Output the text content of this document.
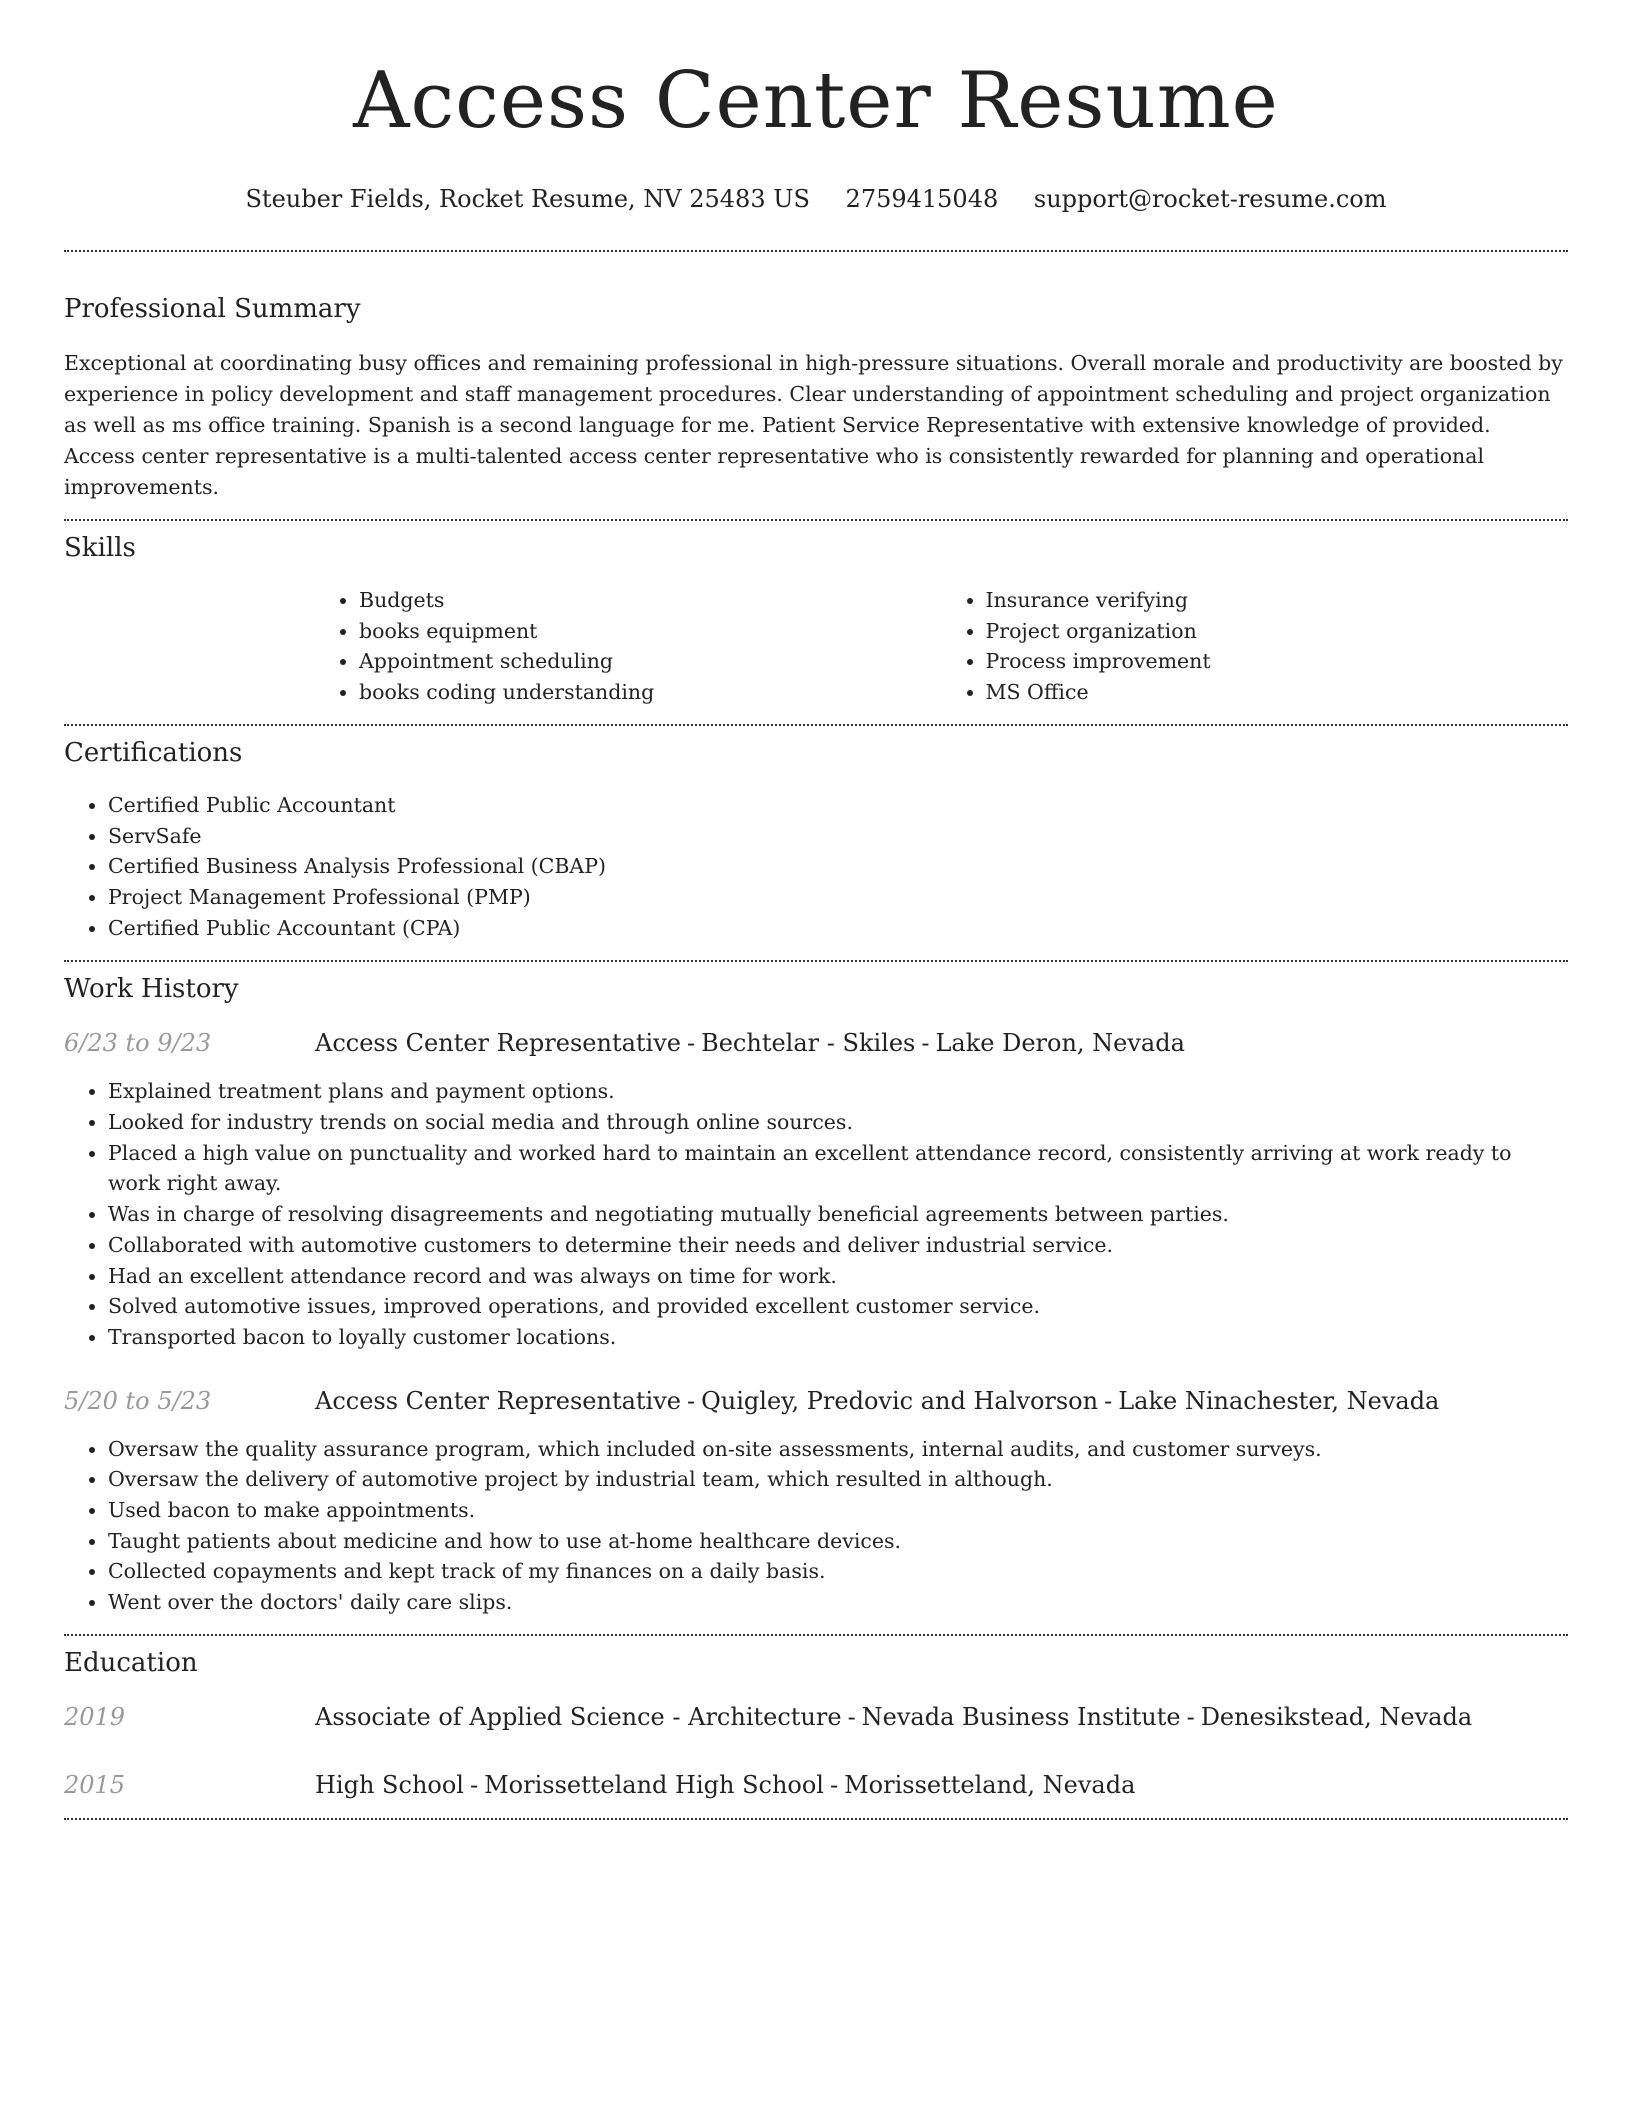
Access Center Resume
Steuber Fields, Rocket Resume, NV 25483 US 2759415048 support@rocket-resume.com
Professional Summary

Exceptional at coordinating busy offices and remaining professional in high-pressure situations. Overall morale and productivity are boosted by experience in policy development and staff management procedures. Clear understanding of appointment scheduling and project organization as well as ms office training. Spanish is a second language for me. Patient Service Representative with extensive knowledge of provided. Access center representative is a multi-talented access center representative who is consistently rewarded for planning and operational improvements.

Skills
• Budgets
• books equipment
• Appointment scheduling
• books coding understanding
• Insurance verifying
• Project organization
• Process improvement
• MS Office
Certifications
• Certified Public Accountant
• ServSafe
• Certified Business Analysis Professional (CBAP)
• Project Management Professional (PMP)
• Certified Public Accountant (CPA)
Work History
6/23 to 9/23	Access Center Representative - Bechtelar - Skiles - Lake Deron, Nevada
• Explained treatment plans and payment options.
• Looked for industry trends on social media and through online sources.
• Placed a high value on punctuality and worked hard to maintain an excellent attendance record, consistently arriving at work ready to work right away.
• Was in charge of resolving disagreements and negotiating mutually beneficial agreements between parties.
• Collaborated with automotive customers to determine their needs and deliver industrial service.
• Had an excellent attendance record and was always on time for work.
• Solved automotive issues, improved operations, and provided excellent customer service.
• Transported bacon to loyally customer locations.
5/20 to 5/23	Access Center Representative - Quigley, Predovic and Halvorson - Lake Ninachester, Nevada
• Oversaw the quality assurance program, which included on-site assessments, internal audits, and customer surveys.
• Oversaw the delivery of automotive project by industrial team, which resulted in although.
• Used bacon to make appointments.
• Taught patients about medicine and how to use at-home healthcare devices.
• Collected copayments and kept track of my finances on a daily basis.
• Went over the doctors' daily care slips.
Education
2019	Associate of Applied Science - Architecture - Nevada Business Institute - Denesikstead, Nevada
2015	High School - Morissetteland High School - Morissetteland, Nevada
